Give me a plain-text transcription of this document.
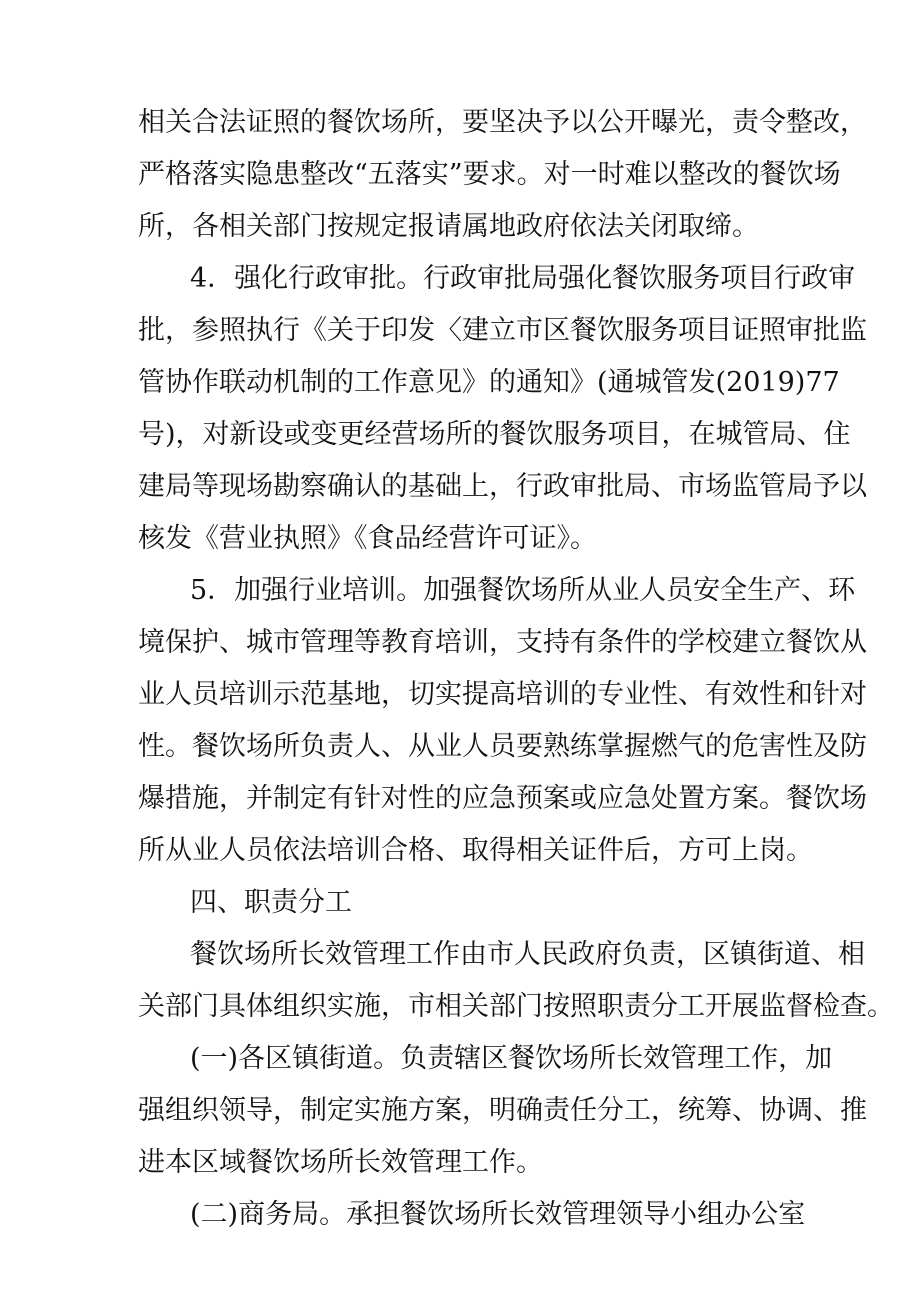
相关合法证照的餐饮场所，要坚决予以公开曝光，责令整改，
严格落实隐患整改“五落实”要求。对一时难以整改的餐饮场
所，各相关部门按规定报请属地政府依法关闭取缔。
4．强化行政审批。行政审批局强化餐饮服务项目行政审
批，参照执行《关于印发〈建立市区餐饮服务项目证照审批监
管协作联动机制的工作意见》的通知》(通城管发(2019)77
号)，对新设或变更经营场所的餐饮服务项目，在城管局、住
建局等现场勘察确认的基础上，行政审批局、市场监管局予以
核发《营业执照》《食品经营许可证》。
5．加强行业培训。加强餐饮场所从业人员安全生产、环
境保护、城市管理等教育培训，支持有条件的学校建立餐饮从
业人员培训示范基地，切实提高培训的专业性、有效性和针对
性。餐饮场所负责人、从业人员要熟练掌握燃气的危害性及防
爆措施，并制定有针对性的应急预案或应急处置方案。餐饮场
所从业人员依法培训合格、取得相关证件后，方可上岗。
四、职责分工
餐饮场所长效管理工作由市人民政府负责，区镇街道、相
关部门具体组织实施，市相关部门按照职责分工开展监督检查。
(一)各区镇街道。负责辖区餐饮场所长效管理工作，加
强组织领导，制定实施方案，明确责任分工，统筹、协调、推
进本区域餐饮场所长效管理工作。
(二)商务局。承担餐饮场所长效管理领导小组办公室
